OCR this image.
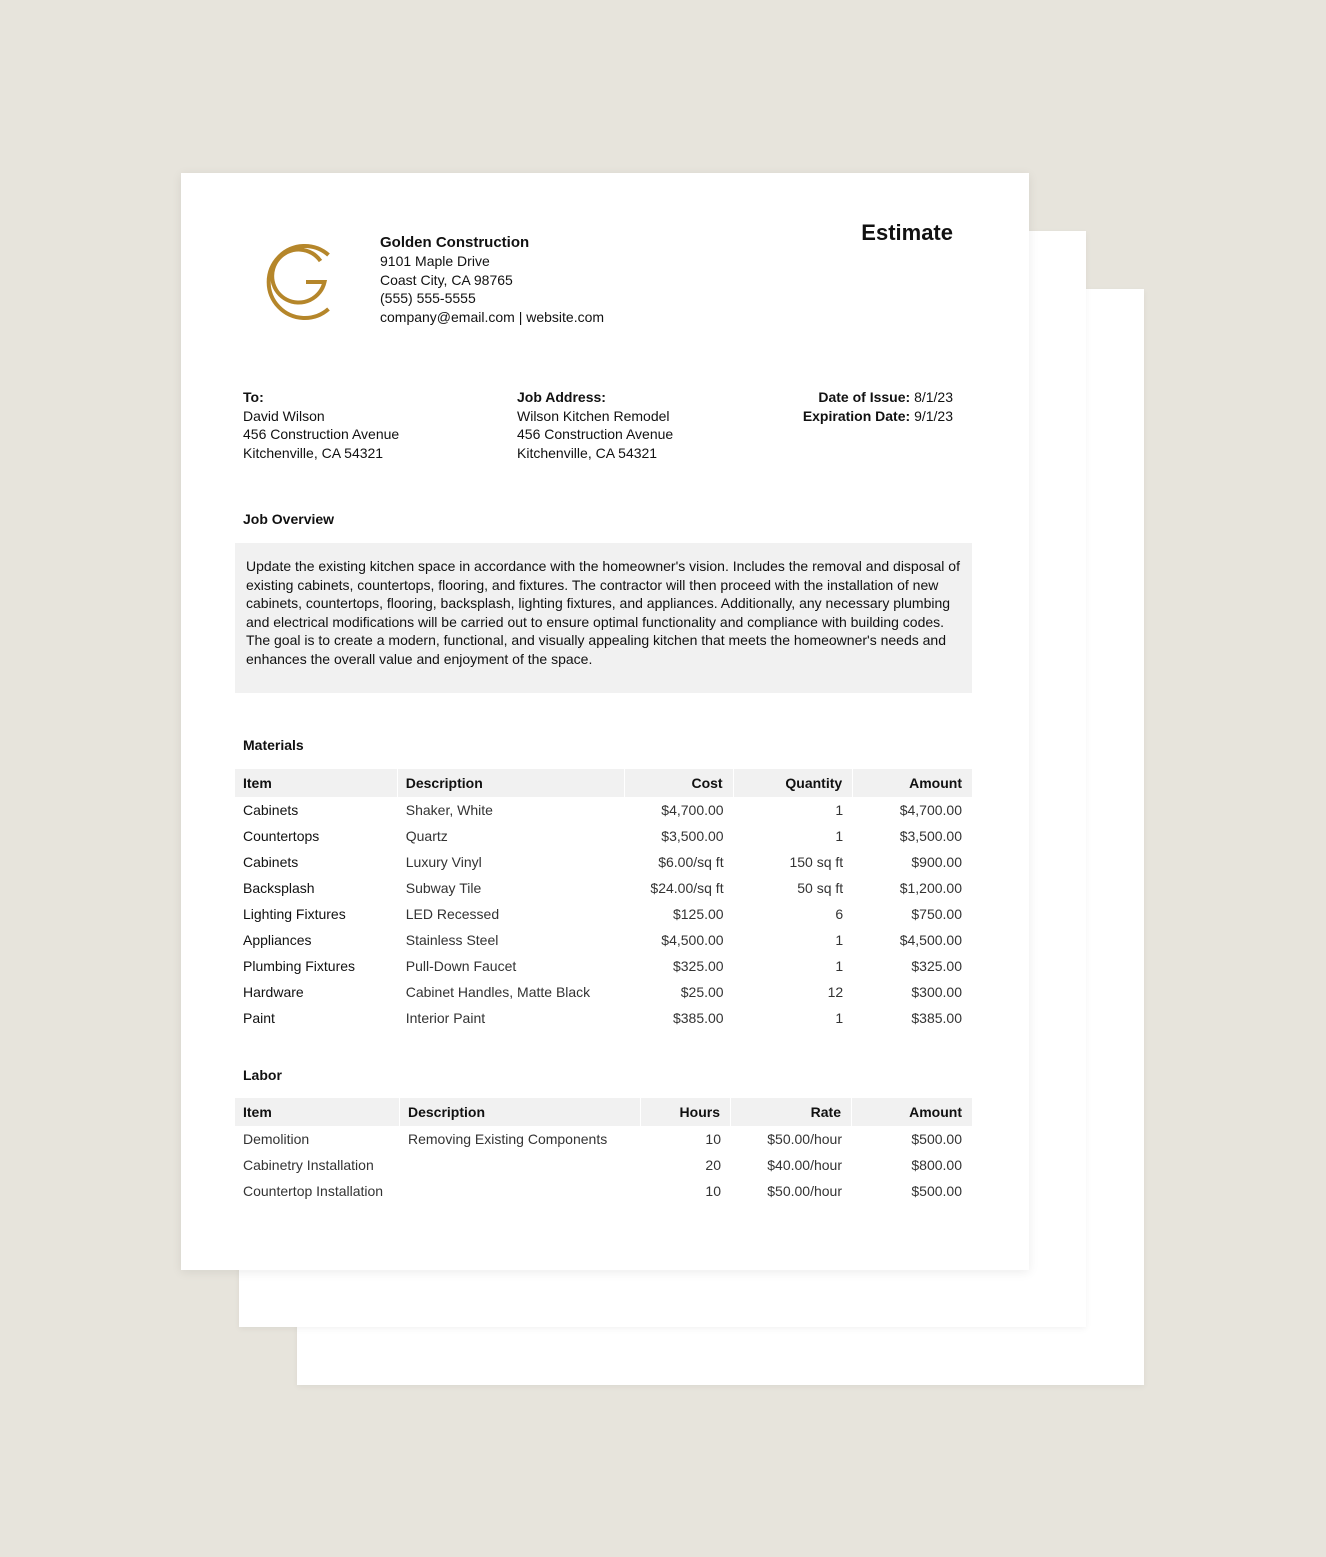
Golden Construction
9101 Maple Drive
Coast City, CA 98765
(555) 555-5555
company@email.com | website.com
Estimate
To:
David Wilson
456 Construction Avenue
Kitchenville, CA 54321
Job Address:
Wilson Kitchen Remodel
456 Construction Avenue
Kitchenville, CA 54321
Date of Issue: 8/1/23
Expiration Date: 9/1/23
Job Overview
Update the existing kitchen space in accordance with the homeowner's vision. Includes the removal and disposal of existing cabinets, countertops, flooring, and fixtures. The contractor will then proceed with the installation of new cabinets, countertops, flooring, backsplash, lighting fixtures, and appliances. Additionally, any necessary plumbing and electrical modifications will be carried out to ensure optimal functionality and compliance with building codes. The goal is to create a modern, functional, and visually appealing kitchen that meets the homeowner's needs and enhances the overall value and enjoyment of the space.
Materials
Item	Description	Cost	Quantity	Amount
Cabinets	Shaker, White	$4,700.00	1	$4,700.00
Countertops	Quartz	$3,500.00	1	$3,500.00
Cabinets	Luxury Vinyl	$6.00/sq ft	150 sq ft	$900.00
Backsplash	Subway Tile	$24.00/sq ft	50 sq ft	$1,200.00
Lighting Fixtures	LED Recessed	$125.00	6	$750.00
Appliances	Stainless Steel	$4,500.00	1	$4,500.00
Plumbing Fixtures	Pull-Down Faucet	$325.00	1	$325.00
Hardware	Cabinet Handles, Matte Black	$25.00	12	$300.00
Paint	Interior Paint	$385.00	1	$385.00
Labor
Item	Description	Hours	Rate	Amount
Demolition	Removing Existing Components	10	$50.00/hour	$500.00
Cabinetry Installation		20	$40.00/hour	$800.00
Countertop Installation		10	$50.00/hour	$500.00
